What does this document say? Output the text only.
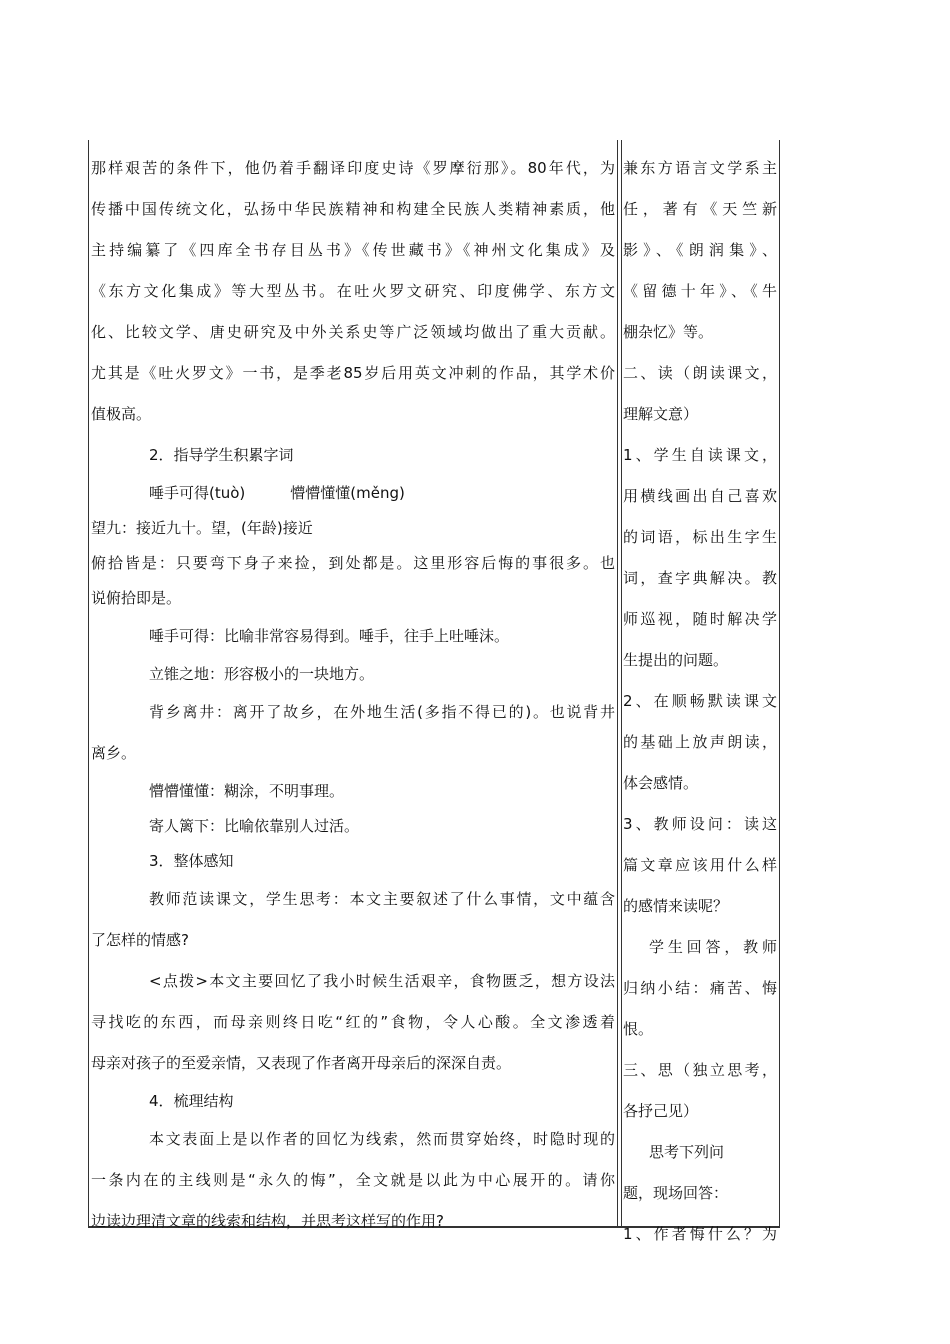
那样艰苦的条件下，他仍着手翻译印度史诗《罗摩衍那》。80年代，为
传播中国传统文化，弘扬中华民族精神和构建全民族人类精神素质，他
主持编纂了《四库全书存目丛书》《传世藏书》《神州文化集成》及
《东方文化集成》等大型丛书。在吐火罗文研究、印度佛学、东方文
化、比较文学、唐史研究及中外关系史等广泛领域均做出了重大贡献。
尤其是《吐火罗文》一书，是季老85岁后用英文冲刺的作品，其学术价
值极高。
2．指导学生积累字词
唾手可得(tuò)　　　懵懵懂懂(měng)
望九：接近九十。望，(年龄)接近
俯拾皆是：只要弯下身子来捡，到处都是。这里形容后悔的事很多。也
说俯拾即是。
唾手可得：比喻非常容易得到。唾手，往手上吐唾沫。
立锥之地：形容极小的一块地方。
背乡离井：离开了故乡，在外地生活(多指不得已的)。也说背井
离乡。
懵懵懂懂：糊涂，不明事理。
寄人篱下：比喻依靠别人过活。
3．整体感知
教师范读课文，学生思考：本文主要叙述了什么事情，文中蕴含
了怎样的情感?
<点拨>本文主要回忆了我小时候生活艰辛，食物匮乏，想方设法
寻找吃的东西，而母亲则终日吃“红的”食物，令人心酸。全文渗透着
母亲对孩子的至爱亲情，又表现了作者离开母亲后的深深自责。
4．梳理结构
本文表面上是以作者的回忆为线索，然而贯穿始终，时隐时现的
一条内在的主线则是“永久的悔”，全文就是以此为中心展开的。请你
边读边理清文章的线索和结构，并思考这样写的作用?
兼东方语言文学系主
任，著有《天竺新
影》、《朗润集》、
《留德十年》、《牛
棚杂忆》等。
二、读（朗读课文，
理解文意）
1、学生自读课文，
用横线画出自己喜欢
的词语，标出生字生
词，查字典解决。教
师巡视，随时解决学
生提出的问题。
2、在顺畅默读课文
的基础上放声朗读，
体会感情。
3、教师设问：读这
篇文章应该用什么样
的感情来读呢？
学生回答，教师
归纳小结：痛苦、悔
恨。
三、思（独立思考，
各抒己见）
思考下列问
题，现场回答：
1、作者悔什么？为
